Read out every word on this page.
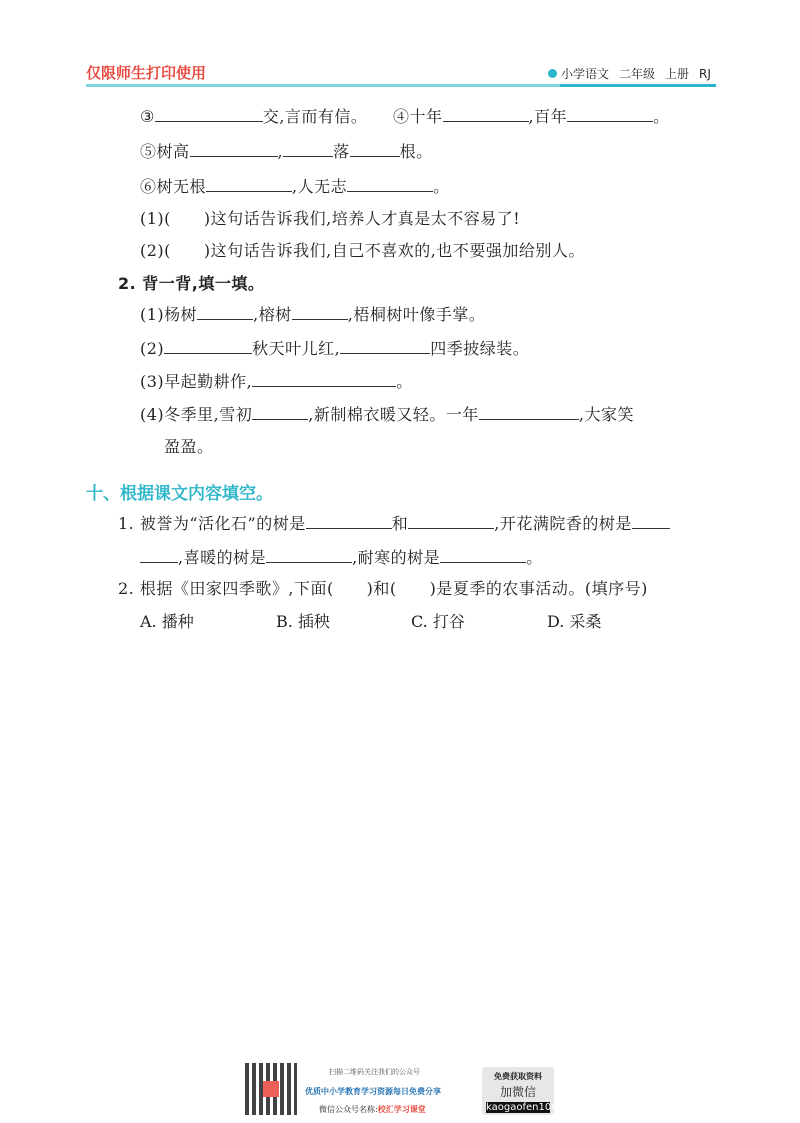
仅限师生打印使用	小学语文 二年级 上册 RJ
③	交,言而有信。 ④十年	,百年	。
⑤树高	,	落	根。
⑥树无根	,人无志	。
(1)(　　)这句话告诉我们,培养人才真是太不容易了!
(2)(　　)这句话告诉我们,自己不喜欢的,也不要强加给别人。
2. 背一背,填一填。
(1)杨树	,榕树	,梧桐树叶像手掌。
(2)	秋天叶儿红,	四季披绿装。
(3)早起勤耕作,	。
(4)冬季里,雪初	,新制棉衣暖又轻。一年	,大家笑
盈盈。
十、根据课文内容填空。
1. 被誉为“活化石”的树是	和	,开花满院香的树是
,喜暖的树是	,耐寒的树是	。
2. 根据《田家四季歌》,下面(　　)和(　　)是夏季的农事活动。(填序号)
A. 播种	B. 插秧	C. 打谷	D. 采桑
扫描二维码关注我们的公众号
优质中小学教育学习资源每日免费分享
微信公众号名称:校汇学习课堂
免费获取资料
加微信
kaogaofen100
